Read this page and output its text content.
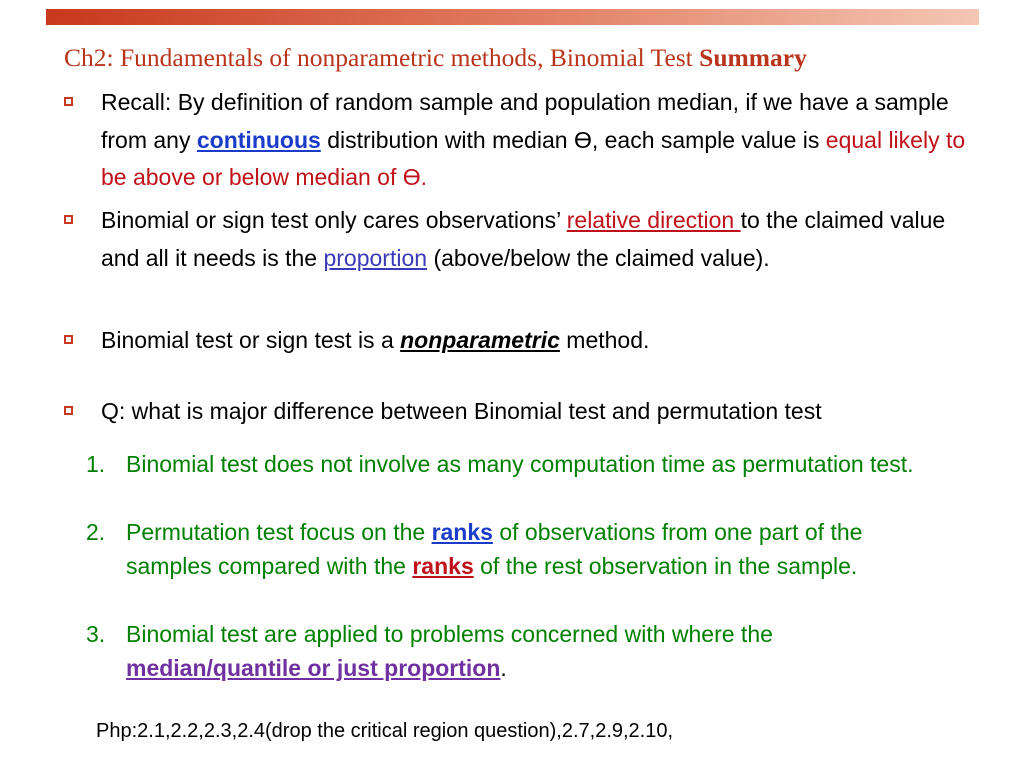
Ch2: Fundamentals of nonparametric methods, Binomial Test Summary
Recall: By definition of random sample and population median, if we have a sample from any continuous distribution with median Ɵ, each sample value is equal likely to be above or below median of Ɵ.
Binomial or sign test only cares observations’ relative direction to the claimed value and all it needs is the proportion (above/below the claimed value).
Binomial test or sign test is a nonparametric method.
Q: what is major difference between Binomial test and permutation test
1. Binomial test does not involve as many computation time as permutation test.
2. Permutation test focus on the ranks of observations from one part of the samples compared with the ranks of the rest observation in the sample.
3. Binomial test are applied to problems concerned with where the median/quantile or just proportion.
Php:2.1,2.2,2.3,2.4(drop the critical region question),2.7,2.9,2.10,
